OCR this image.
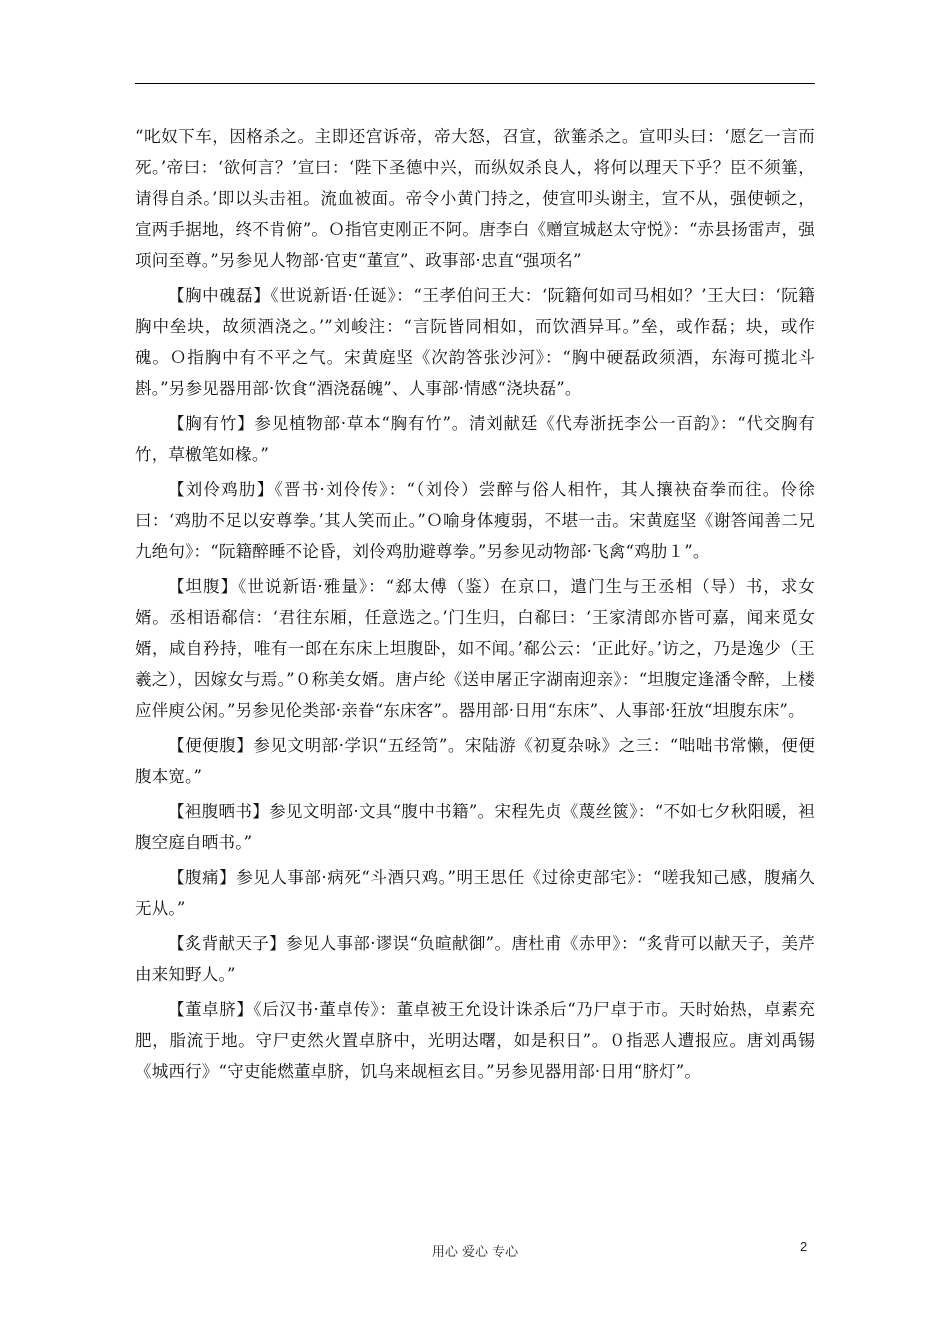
“叱奴下车，因格杀之。主即还宫诉帝，帝大怒，召宣，欲箠杀之。宣叩头曰：‘愿乞一言而死。’帝曰：‘欲何言？’宣曰：‘陛下圣德中兴，而纵奴杀良人，将何以理天下乎？臣不须箠，请得自杀。’即以头击祖。流血被面。帝令小黄门持之，使宣叩头谢主，宣不从，强使顿之，宣两手据地，终不肯俯”。Ｏ指官吏刚正不阿。唐李白《赠宣城赵太守悦》：“赤县扬雷声，强项问至尊。”另参见人物部·官吏“董宣”、政事部·忠直“强项名”

【胸中磈磊】《世说新语·任诞》：“王孝伯问王大：‘阮籍何如司马相如？’王大曰：‘阮籍胸中垒块，故须酒浇之。’”刘峻注：“言阮皆同相如，而饮酒异耳。”垒，或作磊；块，或作磈。Ｏ指胸中有不平之气。宋黄庭坚《次韵答张沙河》：“胸中硬磊政须酒，东海可揽北斗斟。”另参见器用部·饮食“酒浇磊魄”、人事部·情感“浇块磊”。

【胸有竹】参见植物部·草本“胸有竹”。清刘献廷《代寿浙抚李公一百韵》：“代交胸有竹，草檄笔如椽。”

【刘伶鸡肋】《晋书·刘伶传》：“（刘伶）尝醉与俗人相忤，其人攘袂奋拳而往。伶徐曰：‘鸡肋不足以安尊拳。’其人笑而止。”Ｏ喻身体瘦弱，不堪一击。宋黄庭坚《谢答闻善二兄九绝句》：“阮籍醉睡不论昏，刘伶鸡肋避尊拳。”另参见动物部·飞禽“鸡肋１”。

【坦腹】《世说新语·雅量》：“郄太傅（鉴）在京口，遣门生与王丞相（导）书，求女婿。丞相语郗信：‘君往东厢，任意选之。’门生归，白郗曰：‘王家清郎亦皆可嘉，闻来觅女婿，咸自矜持，唯有一郎在东床上坦腹卧，如不闻。’郗公云：‘正此好。’访之，乃是逸少（王羲之），因嫁女与焉。”０称美女婿。唐卢纶《送申屠正字湖南迎亲》：“坦腹定逢潘令醉，上楼应伴庾公闲。”另参见伦类部·亲眷“东床客”。器用部·日用“东床”、人事部·狂放“坦腹东床”。

【便便腹】参见文明部·学识“五经笥”。宋陆游《初夏杂咏》之三：“咄咄书常懒，便便腹本宽。”

【袒腹晒书】参见文明部·文具“腹中书籍”。宋程先贞《蔑丝篋》：“不如七夕秋阳暖，袒腹空庭自晒书。”

【腹痛】参见人事部·病死“斗酒只鸡。”明王思任《过徐吏部宅》：“嗟我知己感，腹痛久无从。”

【炙背献天子】参见人事部·谬误“负暄献御”。唐杜甫《赤甲》：“炙背可以献天子，美芹由来知野人。”

【董卓脐】《后汉书·董卓传》：董卓被王允设计诛杀后“乃尸卓于市。天时始热，卓素充肥，脂流于地。守尸吏然火置卓脐中，光明达曙，如是积日”。０指恶人遭报应。唐刘禹锡《城西行》“守吏能燃董卓脐，饥乌来觇桓玄目。”另参见器用部·日用“脐灯”。

用心 爱心 专心	2
